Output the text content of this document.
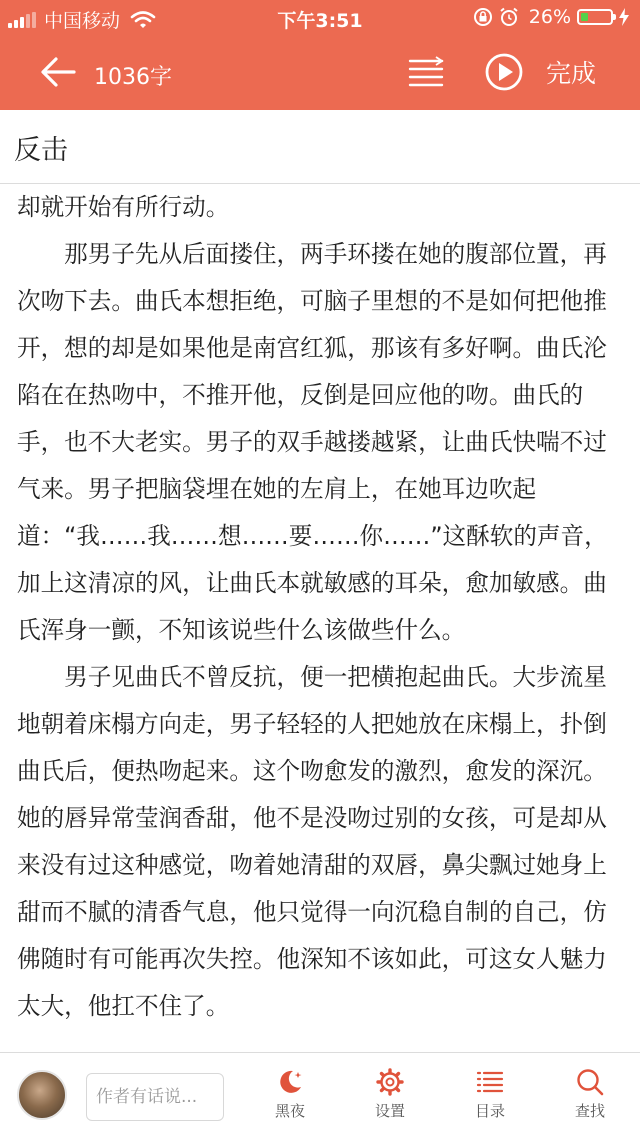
中国移动	下午3:51	26%
1036字	完成
反击
却就开始有所行动。
　　那男子先从后面搂住，两手环搂在她的腹部位置，再
次吻下去。曲氏本想拒绝，可脑子里想的不是如何把他推
开，想的却是如果他是南宫红狐，那该有多好啊。曲氏沦
陷在在热吻中，不推开他，反倒是回应他的吻。曲氏的
手，也不大老实。男子的双手越搂越紧，让曲氏快喘不过
气来。男子把脑袋埋在她的左肩上，在她耳边吹起
道：“我……我……想……要……你……”这酥软的声音，
加上这清凉的风，让曲氏本就敏感的耳朵，愈加敏感。曲
氏浑身一颤，不知该说些什么该做些什么。
　　男子见曲氏不曾反抗，便一把横抱起曲氏。大步流星
地朝着床榻方向走，男子轻轻的人把她放在床榻上，扑倒
曲氏后，便热吻起来。这个吻愈发的激烈，愈发的深沉。
她的唇异常莹润香甜，他不是没吻过别的女孩，可是却从
来没有过这种感觉，吻着她清甜的双唇，鼻尖飘过她身上
甜而不腻的清香气息，他只觉得一向沉稳自制的自己，仿
佛随时有可能再次失控。他深知不该如此，可这女人魅力
太大，他扛不住了。
作者有话说...
黑夜	设置	目录	查找
